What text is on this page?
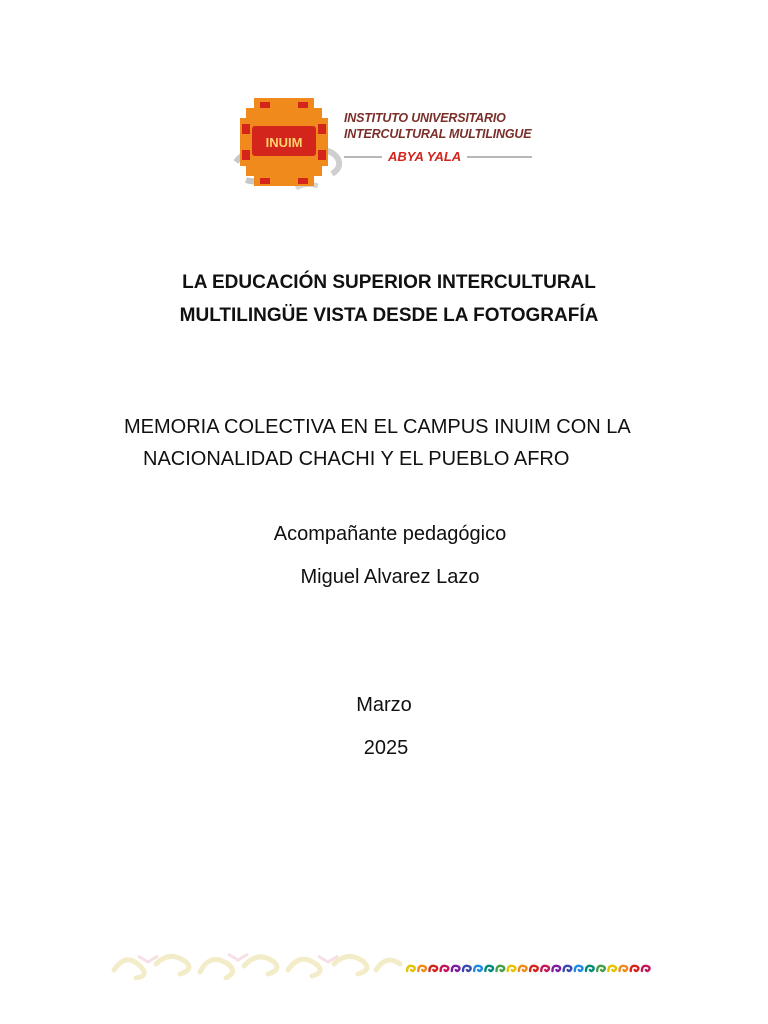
INUIM
INSTITUTO UNIVERSITARIO
INTERCULTURAL MULTILINGUE
ABYA YALA
LA EDUCACIÓN SUPERIOR INTERCULTURAL
MULTILINGÜE VISTA DESDE LA FOTOGRAFÍA
MEMORIA COLECTIVA EN EL CAMPUS INUIM CON LA
NACIONALIDAD CHACHI Y EL PUEBLO AFRO
Acompañante pedagógico
Miguel Alvarez Lazo
Marzo
2025
